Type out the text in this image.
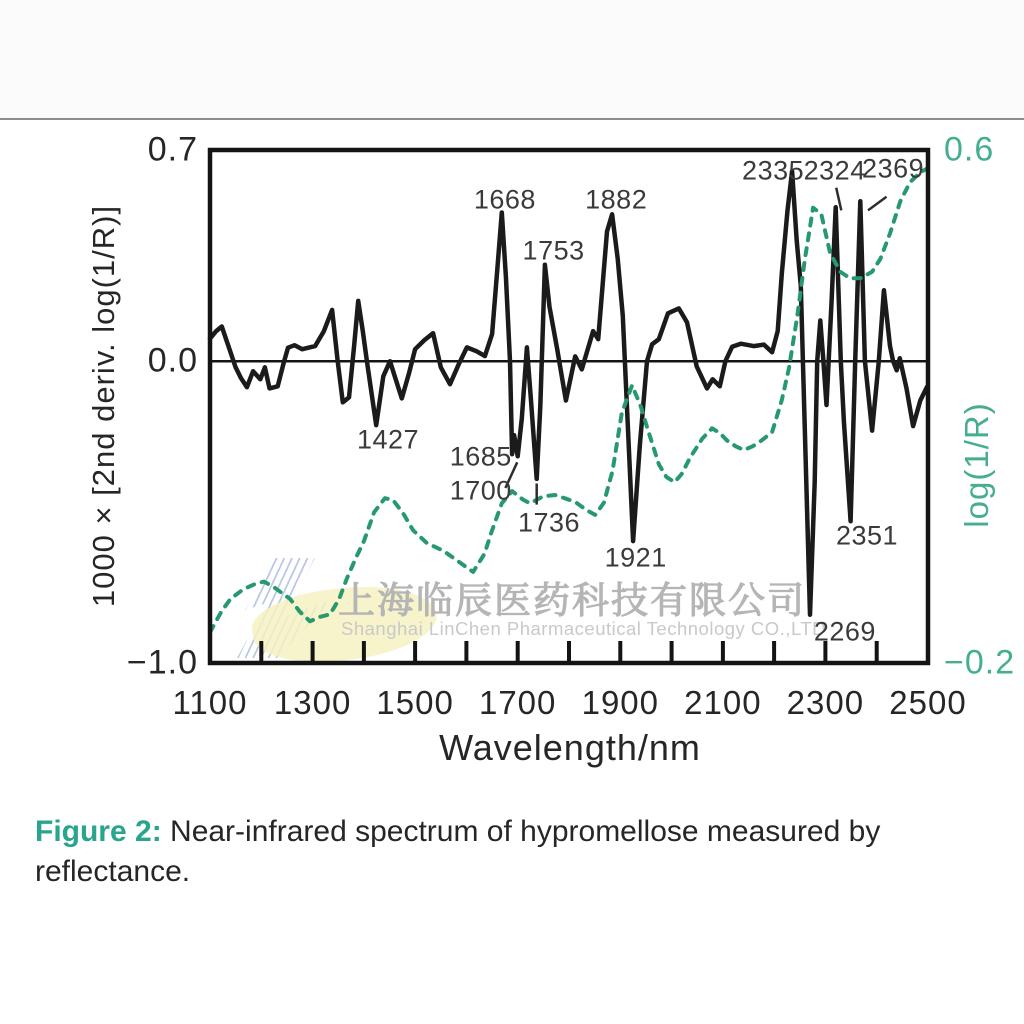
上海临辰医药科技有限公司
Shanghai LinChen Pharmaceutical Technology CO.,LTD
1000 × [2nd deriv. log(1/R)]	log(1/R)
Wavelength/nm
0.7
0.0
−1.0
0.6
−0.2
1100 1300 1500 1700 1900 2100 2300 2500
1668
1753
1882
2335 2324
2369
1427
1685
1700
1736
1921
2351
2269
Figure 2: Near-infrared spectrum of hypromellose measured by reflectance.
